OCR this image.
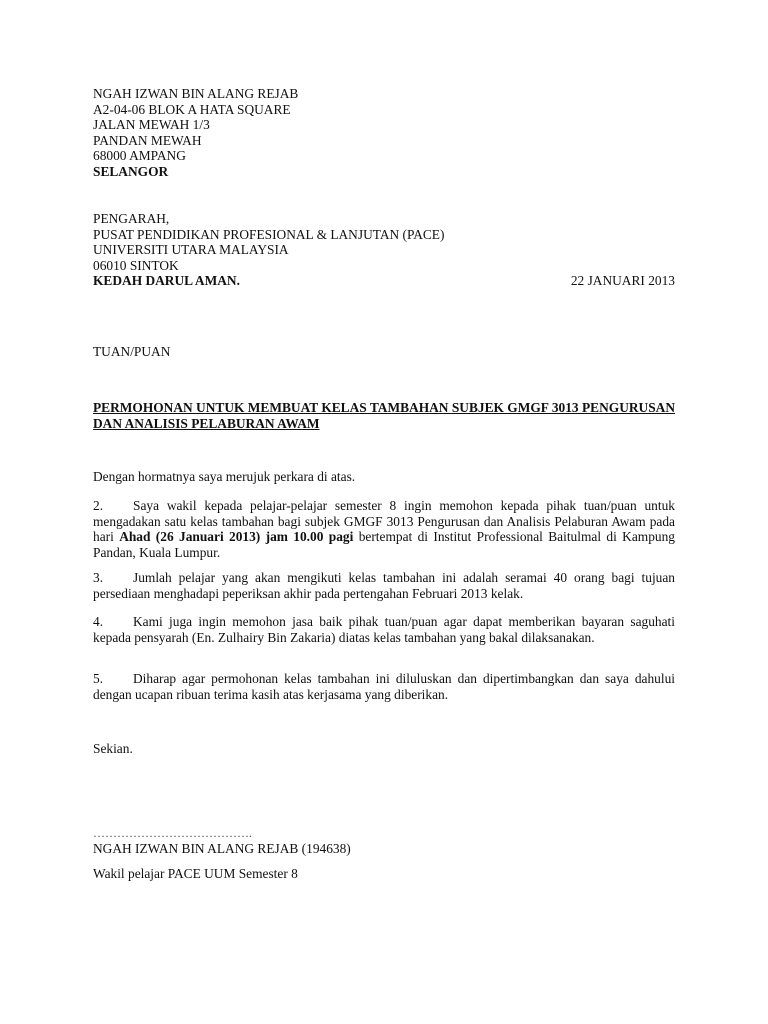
NGAH IZWAN BIN ALANG REJAB
A2-04-06 BLOK A HATA SQUARE
JALAN MEWAH 1/3
PANDAN MEWAH
68000 AMPANG
SELANGOR
PENGARAH,
PUSAT PENDIDIKAN PROFESIONAL & LANJUTAN (PACE)
UNIVERSITI UTARA MALAYSIA
06010 SINTOK
KEDAH DARUL AMAN.	22 JANUARI 2013
TUAN/PUAN
PERMOHONAN UNTUK MEMBUAT KELAS TAMBAHAN SUBJEK GMGF 3013 PENGURUSAN DAN ANALISIS PELABURAN AWAM
Dengan hormatnya saya merujuk perkara di atas.
2. Saya wakil kepada pelajar-pelajar semester 8 ingin memohon kepada pihak tuan/puan untuk mengadakan satu kelas tambahan bagi subjek GMGF 3013 Pengurusan dan Analisis Pelaburan Awam pada hari Ahad (26 Januari 2013) jam 10.00 pagi bertempat di Institut Professional Baitulmal di Kampung Pandan, Kuala Lumpur.
3. Jumlah pelajar yang akan mengikuti kelas tambahan ini adalah seramai 40 orang bagi tujuan persediaan menghadapi peperiksan akhir pada pertengahan Februari 2013 kelak.
4. Kami juga ingin memohon jasa baik pihak tuan/puan agar dapat memberikan bayaran saguhati kepada pensyarah (En. Zulhairy Bin Zakaria) diatas kelas tambahan yang bakal dilaksanakan.
5. Diharap agar permohonan kelas tambahan ini diluluskan dan dipertimbangkan dan saya dahului dengan ucapan ribuan terima kasih atas kerjasama yang diberikan.
Sekian.
………………………………….
NGAH IZWAN BIN ALANG REJAB (194638)
Wakil pelajar PACE UUM Semester 8
